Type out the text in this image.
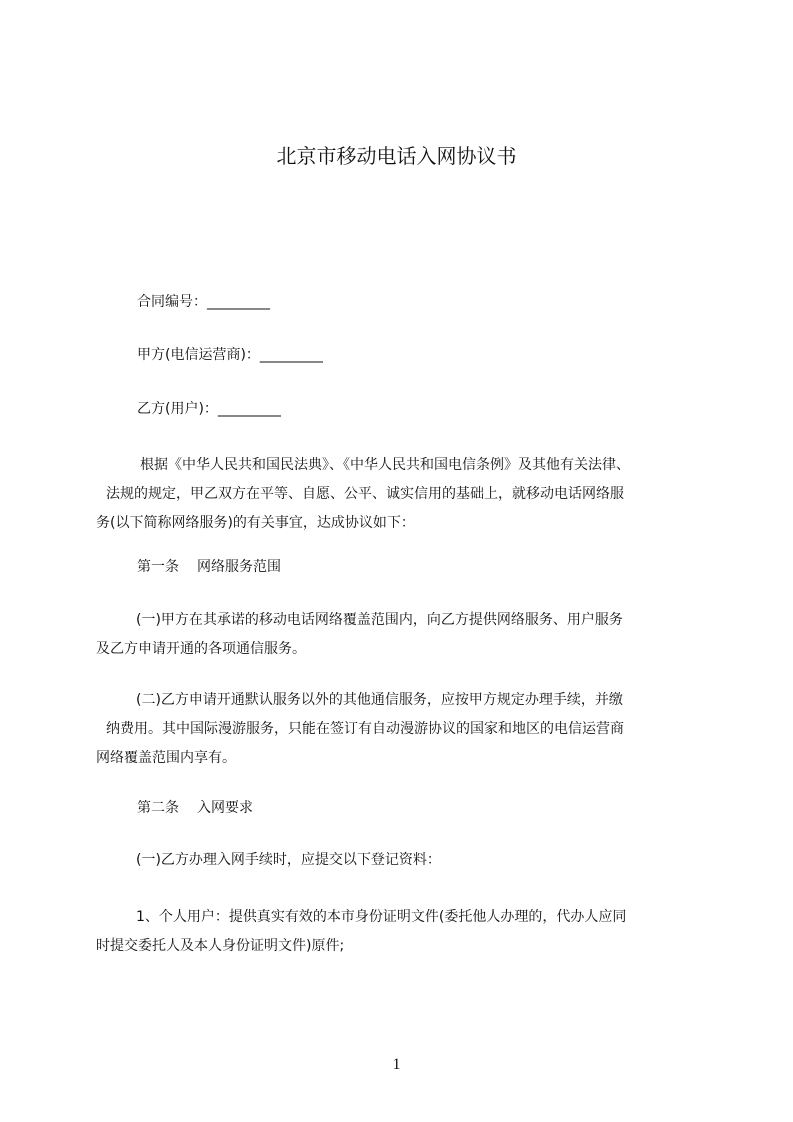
北京市移动电话入网协议书
合同编号：_________
甲方(电信运营商)：_________
乙方(用户)：_________
根据《中华人民共和国民法典》、《中华人民共和国电信条例》及其他有关法律、
法规的规定，甲乙双方在平等、自愿、公平、诚实信用的基础上，就移动电话网络服
务(以下简称网络服务)的有关事宜，达成协议如下：
第一条 网络服务范围
(一)甲方在其承诺的移动电话网络覆盖范围内，向乙方提供网络服务、用户服务
及乙方申请开通的各项通信服务。
(二)乙方申请开通默认服务以外的其他通信服务，应按甲方规定办理手续，并缴
纳费用。其中国际漫游服务，只能在签订有自动漫游协议的国家和地区的电信运营商
网络覆盖范围内享有。
第二条 入网要求
(一)乙方办理入网手续时，应提交以下登记资料：
1、个人用户：提供真实有效的本市身份证明文件(委托他人办理的，代办人应同
时提交委托人及本人身份证明文件)原件;
1
